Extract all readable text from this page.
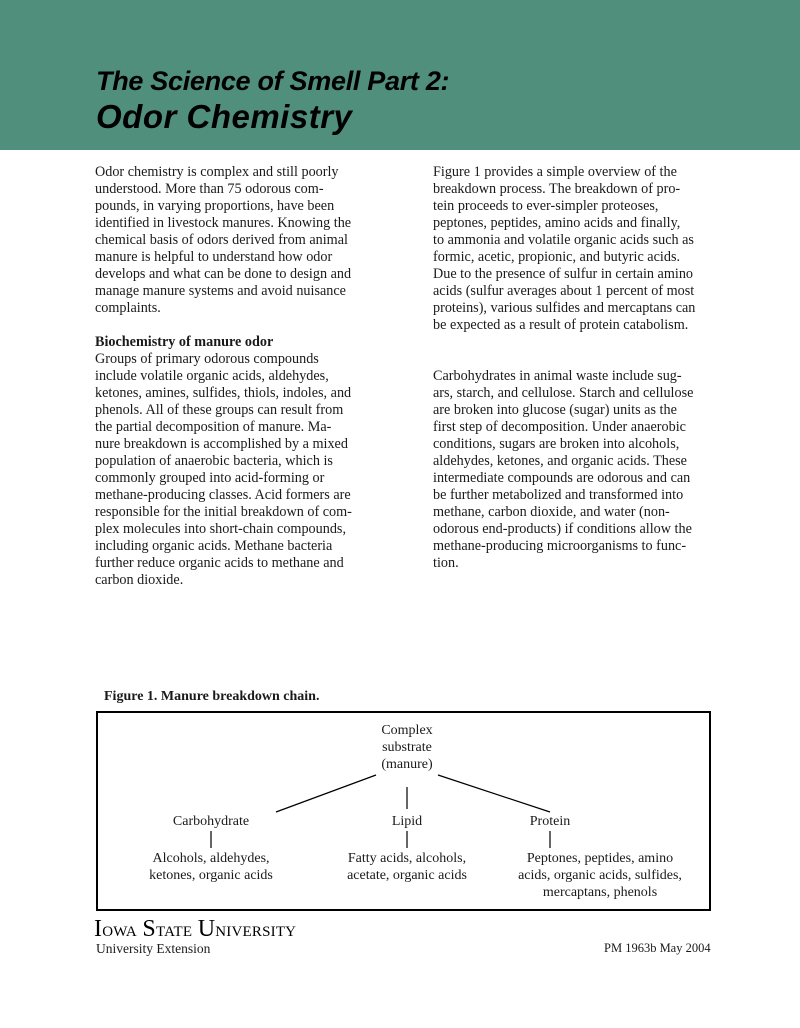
The Science of Smell Part 2:
Odor Chemistry
Odor chemistry is complex and still poorly
understood. More than 75 odorous com-
pounds, in varying proportions, have been
identified in livestock manures. Knowing the
chemical basis of odors derived from animal
manure is helpful to understand how odor
develops and what can be done to design and
manage manure systems and avoid nuisance
complaints.
Biochemistry of manure odor
Groups of primary odorous compounds
include volatile organic acids, aldehydes,
ketones, amines, sulfides, thiols, indoles, and
phenols. All of these groups can result from
the partial decomposition of manure. Ma-
nure breakdown is accomplished by a mixed
population of anaerobic bacteria, which is
commonly grouped into acid-forming or
methane-producing classes. Acid formers are
responsible for the initial breakdown of com-
plex molecules into short-chain compounds,
including organic acids. Methane bacteria
further reduce organic acids to methane and
carbon dioxide.
Figure 1 provides a simple overview of the
breakdown process. The breakdown of pro-
tein proceeds to ever-simpler proteoses,
peptones, peptides, amino acids and finally,
to ammonia and volatile organic acids such as
formic, acetic, propionic, and butyric acids.
Due to the presence of sulfur in certain amino
acids (sulfur averages about 1 percent of most
proteins), various sulfides and mercaptans can
be expected as a result of protein catabolism.
Carbohydrates in animal waste include sug-
ars, starch, and cellulose. Starch and cellulose
are broken into glucose (sugar) units as the
first step of decomposition. Under anaerobic
conditions, sugars are broken into alcohols,
aldehydes, ketones, and organic acids. These
intermediate compounds are odorous and can
be further metabolized and transformed into
methane, carbon dioxide, and water (non-
odorous end-products) if conditions allow the
methane-producing microorganisms to func-
tion.
Figure 1. Manure breakdown chain.
Complex
substrate
(manure)
Carbohydrate	Lipid	Protein
Alcohols, aldehydes,
ketones, organic acids
Fatty acids, alcohols,
acetate, organic acids
Peptones, peptides, amino
acids, organic acids, sulfides,
mercaptans, phenols
Iowa State University
University Extension	PM 1963b May 2004
